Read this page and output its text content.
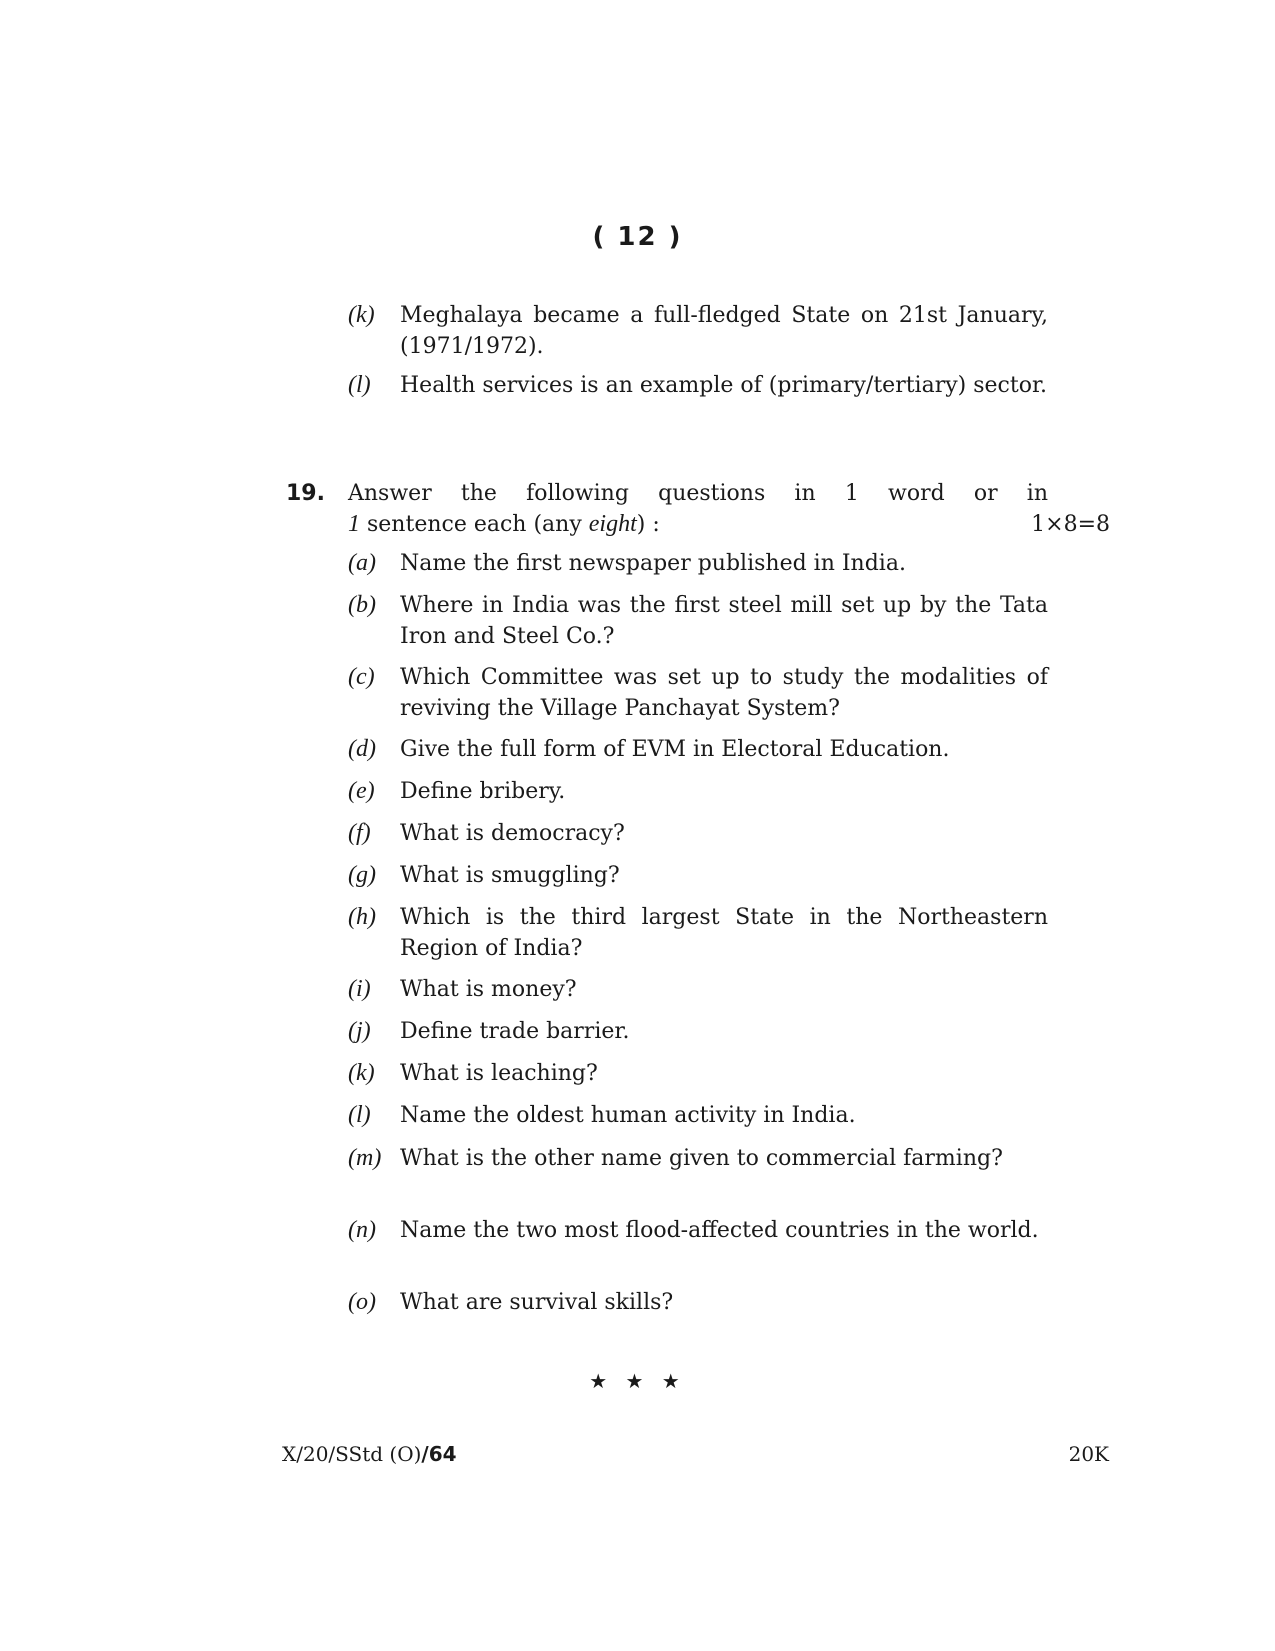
( 12 )
(k) Meghalaya became a full-fledged State on 21st January, (1971/1972).
(l) Health services is an example of (primary/tertiary) sector.
19. Answer the following questions in 1 word or in
1 sentence each (any eight) :	1×8=8
(a) Name the first newspaper published in India.
(b) Where in India was the first steel mill set up by the Tata Iron and Steel Co.?
(c) Which Committee was set up to study the modalities of reviving the Village Panchayat System?
(d) Give the full form of EVM in Electoral Education.
(e) Define bribery.
(f) What is democracy?
(g) What is smuggling?
(h) Which is the third largest State in the Northeastern Region of India?
(i) What is money?
(j) Define trade barrier.
(k) What is leaching?
(l) Name the oldest human activity in India.
(m) What is the other name given to commercial farming?
(n) Name the two most flood-affected countries in the world.
(o) What are survival skills?
★ ★ ★
X/20/SStd (O)/64	20K
